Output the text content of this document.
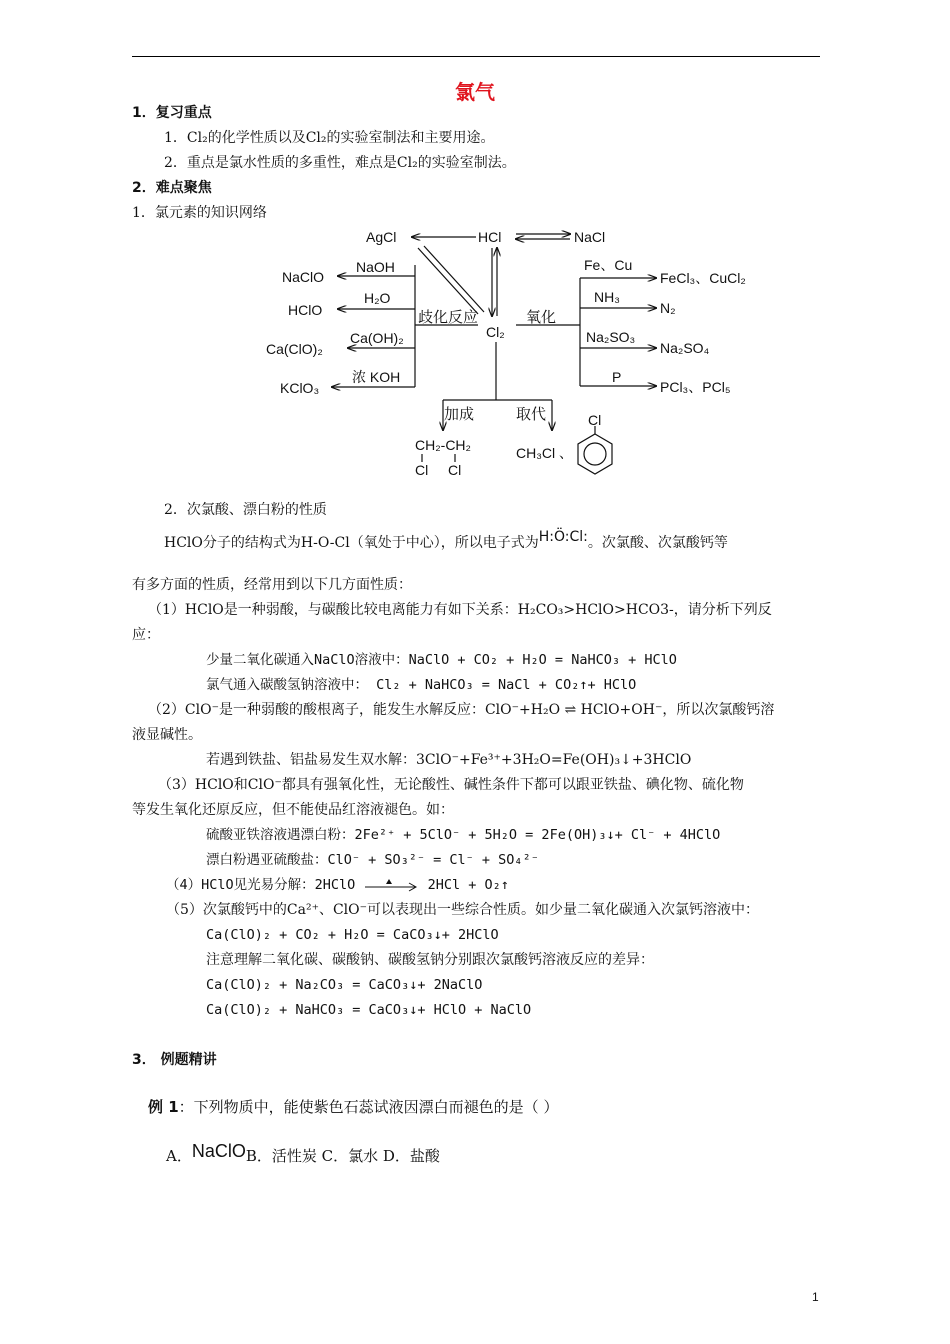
氯气
1．复习重点
1．Cl₂的化学性质以及Cl₂的实验室制法和主要用途。
2．重点是氯水性质的多重性，难点是Cl₂的实验室制法。
2．难点聚焦
1．氯元素的知识网络
AgCl	HCl	NaCl
NaClO
NaOH
HClO
H₂O
歧化反应
Cl₂
氧化
Ca(ClO)₂
Ca(OH)₂
KClO₃
浓 KOH
Fe、Cu
FeCl₃、CuCl₂
NH₃
N₂
Na₂SO₃
Na₂SO₄
P
PCl₃、PCl₅
加成	取代
CH₂-CH₂
Cl Cl
CH₃Cl 、
Cl
2．次氯酸、漂白粉的性质
HClO分子的结构式为H-O-Cl（氧处于中心），所以电子式为H:Ö:Cl:。次氯酸、次氯酸钙等
有多方面的性质，经常用到以下几方面性质：
（1）HClO是一种弱酸，与碳酸比较电离能力有如下关系：H₂CO₃>HClO>HCO3-，请分析下列反
应：
少量二氧化碳通入NaClO溶液中：NaClO + CO₂ + H₂O = NaHCO₃ + HClO
氯气通入碳酸氢钠溶液中： Cl₂ + NaHCO₃ = NaCl + CO₂↑+ HClO
（2）ClO⁻是一种弱酸的酸根离子，能发生水解反应：ClO⁻+H₂O ⇌ HClO+OH⁻，所以次氯酸钙溶
液显碱性。
若遇到铁盐、铝盐易发生双水解：3ClO⁻+Fe³⁺+3H₂O=Fe(OH)₃↓+3HClO
（3）HClO和ClO⁻都具有强氧化性，无论酸性、碱性条件下都可以跟亚铁盐、碘化物、硫化物
等发生氧化还原反应，但不能使品红溶液褪色。如：
硫酸亚铁溶液遇漂白粉：2Fe²⁺ + 5ClO⁻ + 5H₂O = 2Fe(OH)₃↓+ Cl⁻ + 4HClO
漂白粉遇亚硫酸盐：ClO⁻ + SO₃²⁻ = Cl⁻ + SO₄²⁻
（4）HClO见光易分解：2HClO	2HCl + O₂↑
（5）次氯酸钙中的Ca²⁺、ClO⁻可以表现出一些综合性质。如少量二氧化碳通入次氯钙溶液中：
Ca(ClO)₂ + CO₂ + H₂O = CaCO₃↓+ 2HClO
注意理解二氧化碳、碳酸钠、碳酸氢钠分别跟次氯酸钙溶液反应的差异：
Ca(ClO)₂ + Na₂CO₃ = CaCO₃↓+ 2NaClO
Ca(ClO)₂ + NaHCO₃ = CaCO₃↓+ HClO + NaClO
3． 例题精讲
例 1：下列物质中，能使紫色石蕊试液因漂白而褪色的是（ ）
A．NaClOB．活性炭 C．氯水 D．盐酸
1
